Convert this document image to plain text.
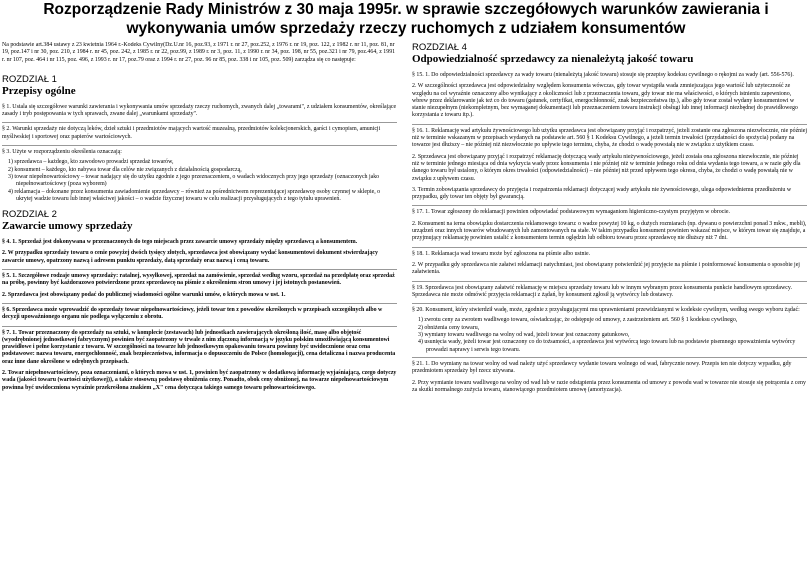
Rozporządzenie Rady Ministrów z 30 maja 1995r. w sprawie szczegółowych warunków zawierania i
wykonywania umów sprzedaży rzeczy ruchomych z udziałem konsumentów

Na podstawie art.384 ustawy z 23 kwietnia 1964 r.-Kodeks Cywilny(Dz.U.nr 16, poz.93, z 1971 r. nr 27, poz.252, z 1976 r. nr 19, poz. 122, z 1982 r. nr 11, poz. 81, nr 19, poz.147 i nr 30, poz. 210, z 1984 r. nr 45, poz. 242, z 1985 r. nr 22, poz.99, z 1989 r. nr 3, poz. 11, z 1990 r. nr 34, poz. 198, nr 55, poz.321 i nr 79, poz.464, z 1991 r. nr 107, poz. 464 i nr 115, poz. 496, z 1993 r. nr 17, poz.79 oraz z 1994 r. nr 27, poz. 96 nr 85, poz. 338 i nr 105, poz. 509) zarządza się co następuje:

ROZDZIAŁ 1
Przepisy ogólne

§ 1. Ustala się szczegółowe warunki zawierania i wykonywania umów sprzedaży rzeczy ruchomych, zwanych dalej „towarami", z udziałem konsumentów, określające zasady i tryb postępowania w tych sprawach, zwane dalej „warunkami sprzedaży".

§ 2. Warunki sprzedaży nie dotyczą leków, dzieł sztuki i przedmiotów mających wartość muzealną, przedmiotów kolekcjonerskich, garści i cymopism, amunicji myśliwskiej i sportowej oraz papierów wartościowych.

§ 3. Użyte w rozporządzeniu określenia oznaczają:
1) sprzedawca – każdego, kto zawodowo prowadzi sprzedaż towarów,
2) konsument – każdego, kto nabywa towar dla celów nie związanych z działalnością gospodarczą,
3) towar niepełnowartościowy – towar nadający się do użytku zgodnie z jego przeznaczeniem, o wadach widocznych przy jego sprzedaży (oznaczonych jako niepełnowartościowy (poza wyborem)
4) reklamacja – dokonane przez konsumenta zawiadomienie sprzedawcy – również za pośrednictwem reprezentującej sprzedawcę osoby czynnej w sklepie, o ukrytej wadzie towaru lub innej właściwej jakości – o wadzie fizycznej towaru w celu realizacji przysługujących z tego tytułu uprawnień.
ROZDZIAŁ 2
Zawarcie umowy sprzedaży

§ 4. 1. Sprzedaż jest dokonywana w przeznaczonych do tego miejscach przez zawarcie umowy sprzedaży między sprzedawcą a konsumentem.

2. W przypadku sprzedaży towaru o cenie powyżej dwóch tysięcy złotych, sprzedawca jest obowiązany wydać konsumentowi dokument stwierdzający zawarcie umowy, opatrzony nazwą i adresem punktu sprzedaży, datą sprzedaży oraz nazwą i ceną towaru.

§ 5. 1. Szczegółowe rodzaje umowy sprzedaży: ratalnej, wysyłkowej, sprzedaż na zamówienie, sprzedaż według wzoru, sprzedaż na przedpłatę oraz sprzedaż na próbę, powinny być każdorazowo potwierdzone przez sprzedawcę na piśmie z określeniem stron umowy i jej istotnych postanowień.

2. Sprzedawca jest obowiązany podać do publicznej wiadomości ogólne warunki umów, o których mowa w ust. 1.

§ 6. Sprzedawca może wprowadzić do sprzedaży towar niepełnowartościowy, jeżeli towar ten z powodów określonych w przepisach szczególnych albo w decyzji upoważnionego organu nie podlega wyłączeniu z obrotu.

§ 7. 1. Towar przeznaczony do sprzedaży na sztuki, w komplecie (zestawach) lub jednostkach zawierających określoną ilość, masę albo objętość (wyodrębnionej jednostkowej fabrycznym) powinien być zaopatrzony w trwale z nim złączoną informacją w języku polskim umożliwiającą konsumentowi prawidłowe i pełne korzystanie z towaru. W szczególności na towarze lub jednostkowym opakowaniu towaru powinny być uwidocznione oraz cena podstawowe: nazwa towaru, energochłonność, znak bezpieczeństwa, informacja o dopuszczeniu do Polsce (homologacji), cena detaliczna i nazwa producenta oraz inne dane określone w odrębnych przepisach.

2. Towar niepełnowartościowy, poza oznaczeniami, o których mowa w ust. 1, powinien być zaopatrzony w dodatkową informację wyjaśniającą, czego dotyczy wada (jakości towaru (wartości użytkowej)), a także stosowną podstawę obniżenia ceny. Ponadto, obok ceny obniżonej, na towarze niepełnowartościowym powinna być uwidoczniona wyraźnie przekreślona znakiem „X" cena dotycząca takiego samego towaru pełnowartościowego.

ROZDZIAŁ 4
Odpowiedzialność sprzedawcy za nienależytą jakość towaru

§ 15. 1. Do odpowiedzialności sprzedawcy za wady towaru (nienależytą jakość towaru) stosuje się przepisy kodeksu cywilnego o rękojmi za wady (art. 556-576).

2. W szczególności sprzedawca jest odpowiedzialny względem konsumenta wówczas, gdy towar wystąpiła wada zmniejszająca jego wartość lub użyteczność ze względu na cel wyraźnie oznaczony albo wynikający z okoliczności lub z przeznaczenia towaru, gdy towar nie ma właściwości, o których istnieniu zapewniono, wbrew przez deklarowanie jak też co do towaru (gatunek, certyfikat, energochłonność, znak bezpieczeństwa itp.), albo gdy towar został wydany konsumentowi w stanie niezupełnym (niekompletnym, bez wymaganej dokumentacji lub przeznaczeniem towaru instrukcji obsługi lub innej informacji niezbędnej do prawidłowego korzystania z towaru itp.).

§ 16. 1. Reklamację wad artykułu żywnościowego lub użytku sprzedawca jest obowiązany przyjąć i rozpatrzyć, jeżeli zostanie ona zgłoszona niezwłocznie, nie później niż w terminie wskazanym w przepisach wydanych na podstawie art. 560 § 1 Kodeksu Cywilnego, a jeżeli termin trwałości (przydatności do spożycia) podany na towarze jest dłuższy – nie później niż niezwłocznie po upływie tego terminu, chyba, że chodzi o wadę powstałą nie w związku z użytkiem czasu.

2. Sprzedawca jest obowiązany przyjąć i rozpatrzyć reklamację dotyczącą wady artykułu nieżywnościowego, jeżeli została ona zgłoszona niezwłocznie, nie później niż w terminie jednego miesiąca od dnia wykrycia wady przez konsumenta i nie później niż w terminie jednego roku od dnia wydania tego towaru, a w razie gdy dla danego towaru był ustalony, o którym okres trwałości (odpowiedzialności) – nie później niż przed upływem tego okresu, chyba, że chodzi o wadę powstałą nie w związku z upływem czasu.

3. Termin zobowiązania sprzedawcy do przyjęcia i rozpatrzenia reklamacji dotyczącej wady artykułu nie żywnościowego, ulega odpowiedniemu przedłużeniu w przypadku, gdy towar ten objęty był gwarancją.

§ 17. 1. Towar zgłoszony do reklamacji powinien odpowiadać podstawowym wymaganiom higieniczno-czystym przyjętym w obrocie.

2. Konsument na ierna obowiązku dostarczenia reklamowego towaru: o wadze powyżej 10 kg, o dużych rozmiarach (np. dywanu o powierzchni ponad 3 mkw., mebli), urządzeń oraz innych towarów wbudowanych lub zamontowanych na stałe. W takim przypadku konsument powinien wskazać miejsce, w którym towar się znajduje, a przyjmujący reklamację powinien ustalić z konsumentem termin oględzin lub odbioru towaru przez sprzedawcę nie dłuższy niż 7 dni.

§ 18. 1. Reklamacja wad towaru może być zgłoszona na piśmie albo ustnie.

2. W przypadku gdy sprzedawca nie załatwi reklamacji natychmiast, jest obowiązany potwierdzić jej przyjęcie na piśmie i poinformować konsumenta o sposobie jej załatwienia.

§ 19. Sprzedawca jest obowiązany załatwić reklamację w miejscu sprzedaży towaru lub w innym wybranym przez konsumenta punkcie handlowym sprzedawcy. Sprzedawca nie może odmówić przyjęcia reklamacji z żądań, by konsument zgłosił ją wytwórcy lub dostawcy.

§ 20. Konsument, który stwierdził wadę, może, zgodnie z przysługującymi mu uprawnieniami przewidzianymi w kodeksie cywilnym, według swego wyboru żądać:
1) zwrotu ceny za zwrotem wadliwego towaru, oświadczając, że odstępuje od umowy, z zastrzeżeniem art. 560 § 1 kodeksu cywilnego,
2) obniżenia ceny towaru,
3) wymiany towaru wadliwego na wolny od wad, jeżeli towar jest oznaczony gatunkowo,
4) usunięcia wady, jeżeli towar jest oznaczony co do tożsamości, a sprzedawca jest wytwórcą tego towaru lub na podstawie pisemnego upoważnienia wytwórcy prowadzi naprawy i serwis tego towaru.

§ 21. 1. Do wymiany na towar wolny od wad należy użyć sprzedawcy wydanie towaru wolnego od wad, fabrycznie nowy. Przepis ten nie dotyczy wypadku, gdy przedmiotem sprzedaży był rzecz używana.

2. Przy wymianie towaru wadliwego na wolny od wad lub w razie odstąpienia przez konsumenta od umowy z powodu wad w towarze nie stosuje się potrącenia z ceny za skutki normalnego zużycia towaru, stanowiącego przedmiotem umowę (amortyzacja).
